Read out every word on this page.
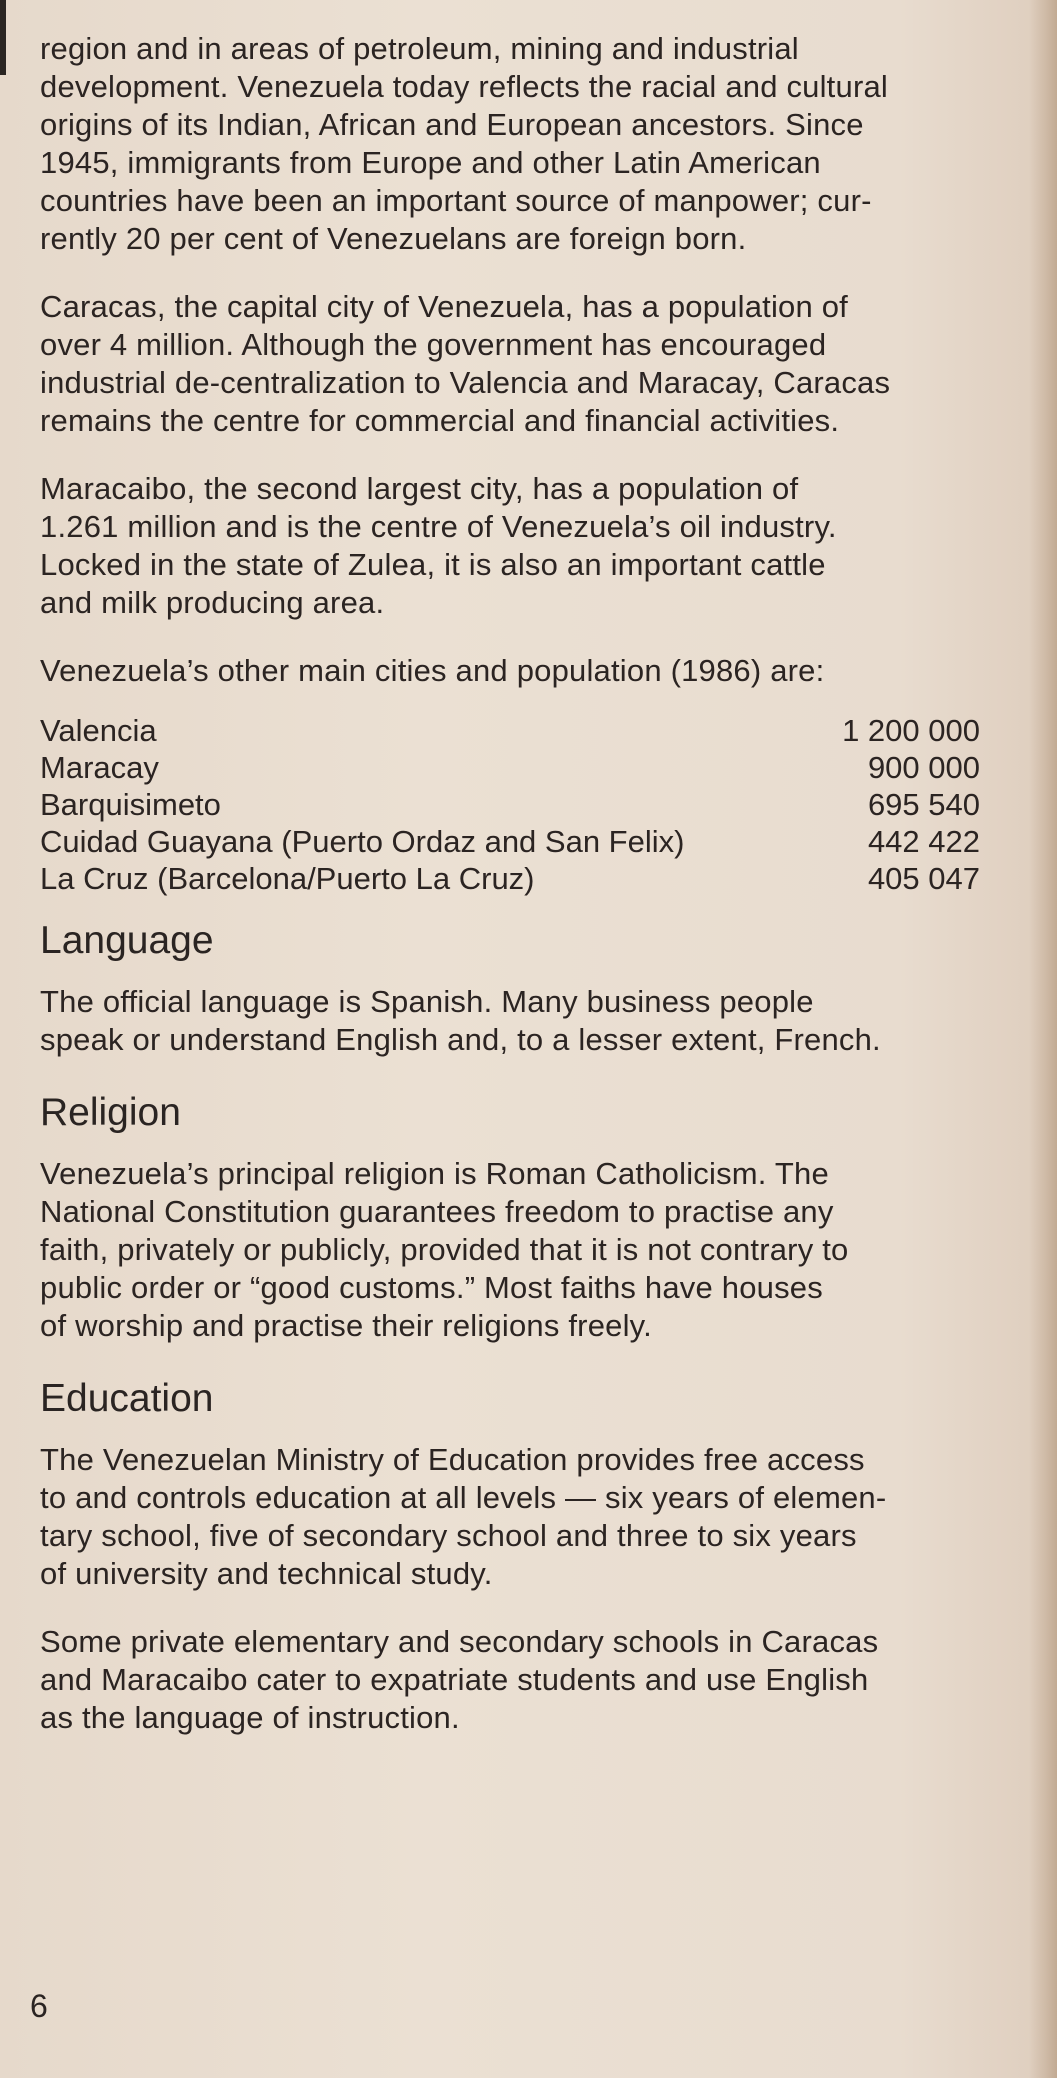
region and in areas of petroleum, mining and industrial
development. Venezuela today reflects the racial and cultural
origins of its Indian, African and European ancestors. Since
1945, immigrants from Europe and other Latin American
countries have been an important source of manpower; cur-
rently 20 per cent of Venezuelans are foreign born.

Caracas, the capital city of Venezuela, has a population of
over 4 million. Although the government has encouraged
industrial de-centralization to Valencia and Maracay, Caracas
remains the centre for commercial and financial activities.

Maracaibo, the second largest city, has a population of
1.261 million and is the centre of Venezuela’s oil industry.
Locked in the state of Zulea, it is also an important cattle
and milk producing area.

Venezuela’s other main cities and population (1986) are:

Valencia	1 200 000
Maracay	900 000
Barquisimeto	695 540
Cuidad Guayana (Puerto Ordaz and San Felix)	442 422
La Cruz (Barcelona/Puerto La Cruz)	405 047
Language

The official language is Spanish. Many business people
speak or understand English and, to a lesser extent, French.

Religion

Venezuela’s principal religion is Roman Catholicism. The
National Constitution guarantees freedom to practise any
faith, privately or publicly, provided that it is not contrary to
public order or “good customs.” Most faiths have houses
of worship and practise their religions freely.

Education

The Venezuelan Ministry of Education provides free access
to and controls education at all levels — six years of elemen-
tary school, five of secondary school and three to six years
of university and technical study.

Some private elementary and secondary schools in Caracas
and Maracaibo cater to expatriate students and use English
as the language of instruction.

6
